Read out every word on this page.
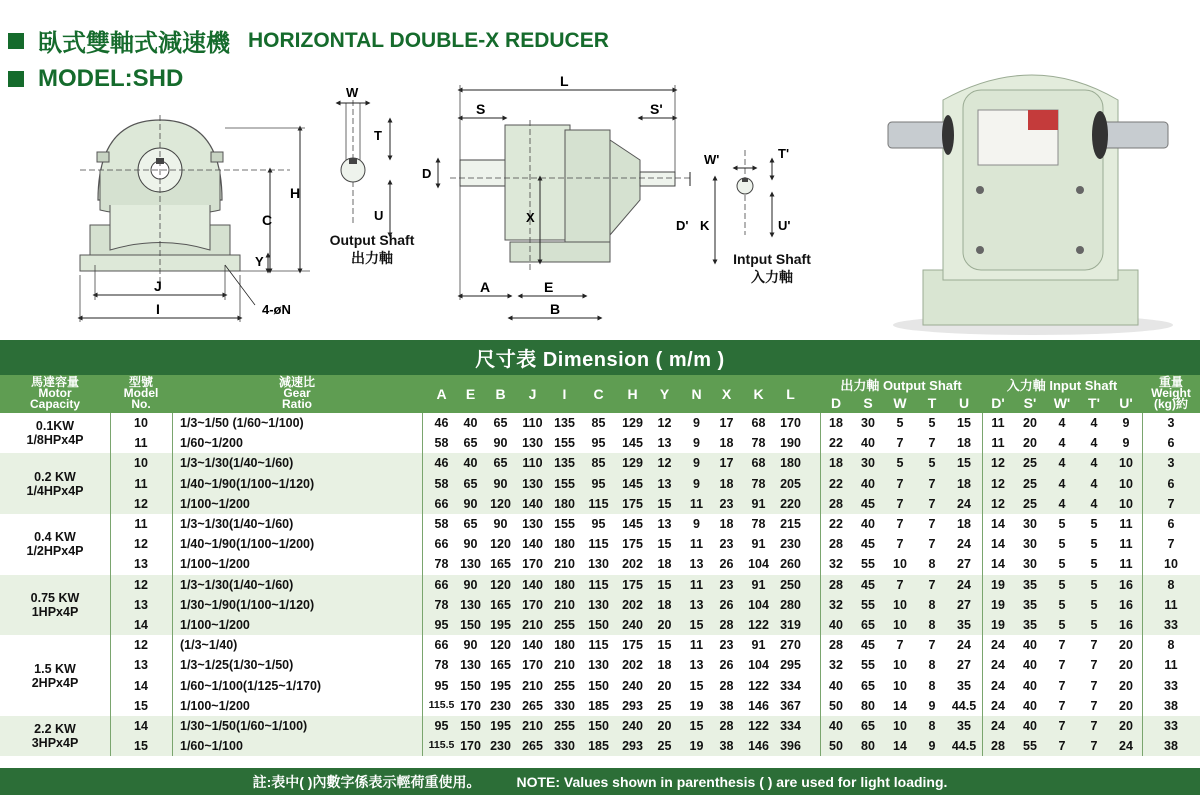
臥式雙軸式減速機 HORIZONTAL DOUBLE-X REDUCER
MODEL:SHD
H
C
Y
J
I	4-øN
W
T
U
Output Shaft
出力軸
L
S	S'
D
X
A	E
B
D' K
W'	T'
U'
Intput Shaft
入力軸
尺寸表 Dimension ( m/m )
馬達容量
Motor
Capacity
型號
Model
No.
減速比
Gear
Ratio
A	E	B	J	I	C	H	Y	N	X	K	L
出力軸 Output Shaft	入力軸 Input Shaft
D	S	W	T	U	D'	S'	W'	T'	U'
重量
Weight
(kg)約
0.1KW
1/8HPx4P
10	1/3~1/50 (1/60~1/100)	46	40	65	110 135	85	129	12	9	17	68	170	18	30	5	5	15	11	20	4	4	9	3
11	1/60~1/200	58	65	90	130 155	95	145	13	9	18	78	190	22	40	7	7	18	11	20	4	4	9	6
0.2 KW
1/4HPx4P
10	1/3~1/30(1/40~1/60)	46	40	65	110 135	85	129	12	9	17	68	180	18	30	5	5	15	12	25	4	4	10	3
11	1/40~1/90(1/100~1/120)	58	65	90	130 155	95	145	13	9	18	78	205	22	40	7	7	18	12	25	4	4	10	6
12	1/100~1/200	66	90	120 140 180	115	175	15	11	23	91	220	28	45	7	7	24	12	25	4	4	10	7
0.4 KW
1/2HPx4P
11	1/3~1/30(1/40~1/60)	58	65	90	130 155	95	145	13	9	18	78	215	22	40	7	7	18	14	30	5	5	11	6
12	1/40~1/90(1/100~1/200)	66	90	120 140 180	115	175	15	11	23	91	230	28	45	7	7	24	14	30	5	5	11	7
13	1/100~1/200	78 130 165 170 210	130	202	18	13	26	104 260	32	55	10	8	27	14	30	5	5	11	10
0.75 KW
1HPx4P
12	1/3~1/30(1/40~1/60)	66	90	120 140 180	115	175	15	11	23	91	250	28	45	7	7	24	19	35	5	5	16	8
13	1/30~1/90(1/100~1/120)	78 130 165 170 210	130	202	18	13	26	104 280	32	55	10	8	27	19	35	5	5	16	11
14	1/100~1/200	95 150 195 210 255	150	240	20	15	28	122 319	40	65	10	8	35	19	35	5	5	16	33
1.5 KW
2HPx4P
12	(1/3~1/40)	66	90	120 140 180	115	175	15	11	23	91	270	28	45	7	7	24	24	40	7	7	20	8
13	1/3~1/25(1/30~1/50)	78 130 165 170 210	130	202	18	13	26	104 295	32	55	10	8	27	24	40	7	7	20	11
14	1/60~1/100(1/125~1/170)	95 150 195 210 255	150	240	20	15	28	122 334	40	65	10	8	35	24	40	7	7	20	33
15	1/100~1/200	115.5 170 230 265 330	185	293	25	19	38	146 367	50	80	14	9	44.5	24	40	7	7	20	38
2.2 KW
3HPx4P
14	1/30~1/50(1/60~1/100)	95 150 195 210 255	150	240	20	15	28	122 334	40	65	10	8	35	24	40	7	7	20	33
15	1/60~1/100	115.5 170 230 265 330	185	293	25	19	38	146 396	50	80	14	9	44.5	28	55	7	7	24	38
註:表中( )內數字係表示輕荷重使用。	NOTE: Values shown in parenthesis ( ) are used for light loading.
